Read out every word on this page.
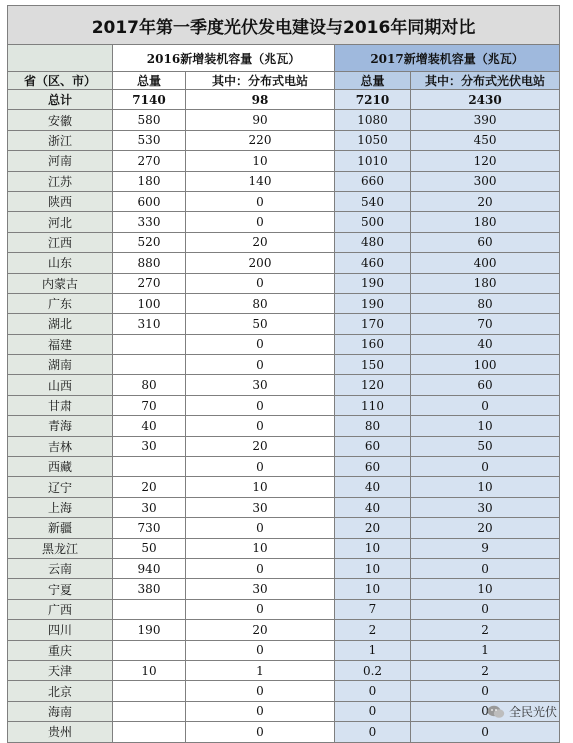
2017年第一季度光伏发电建设与2016年同期对比				
	2016新增装机容量（兆瓦）		2017新增装机容量（兆瓦）	
省（区、市）	总量	其中：分布式电站	总量	其中：分布式光伏电站
总计	7140	98	7210	2430
安徽	580	90	1080	390
浙江	530	220	1050	450
河南	270	10	1010	120
江苏	180	140	660	300
陕西	600	0	540	20
河北	330	0	500	180
江西	520	20	480	60
山东	880	200	460	400
内蒙古	270	0	190	180
广东	100	80	190	80
湖北	310	50	170	70
福建		0	160	40
湖南		0	150	100
山西	80	30	120	60
甘肃	70	0	110	0
青海	40	0	80	10
吉林	30	20	60	50
西藏		0	60	0
辽宁	20	10	40	10
上海	30	30	40	30
新疆	730	0	20	20
黑龙江	50	10	10	9
云南	940	0	10	0
宁夏	380	30	10	10
广西		0	7	0
四川	190	20	2	2
重庆		0	1	1
天津	10	1	0.2	2
北京		0	0	0
海南		0	0	0
贵州		0	0	0
全民光伏
